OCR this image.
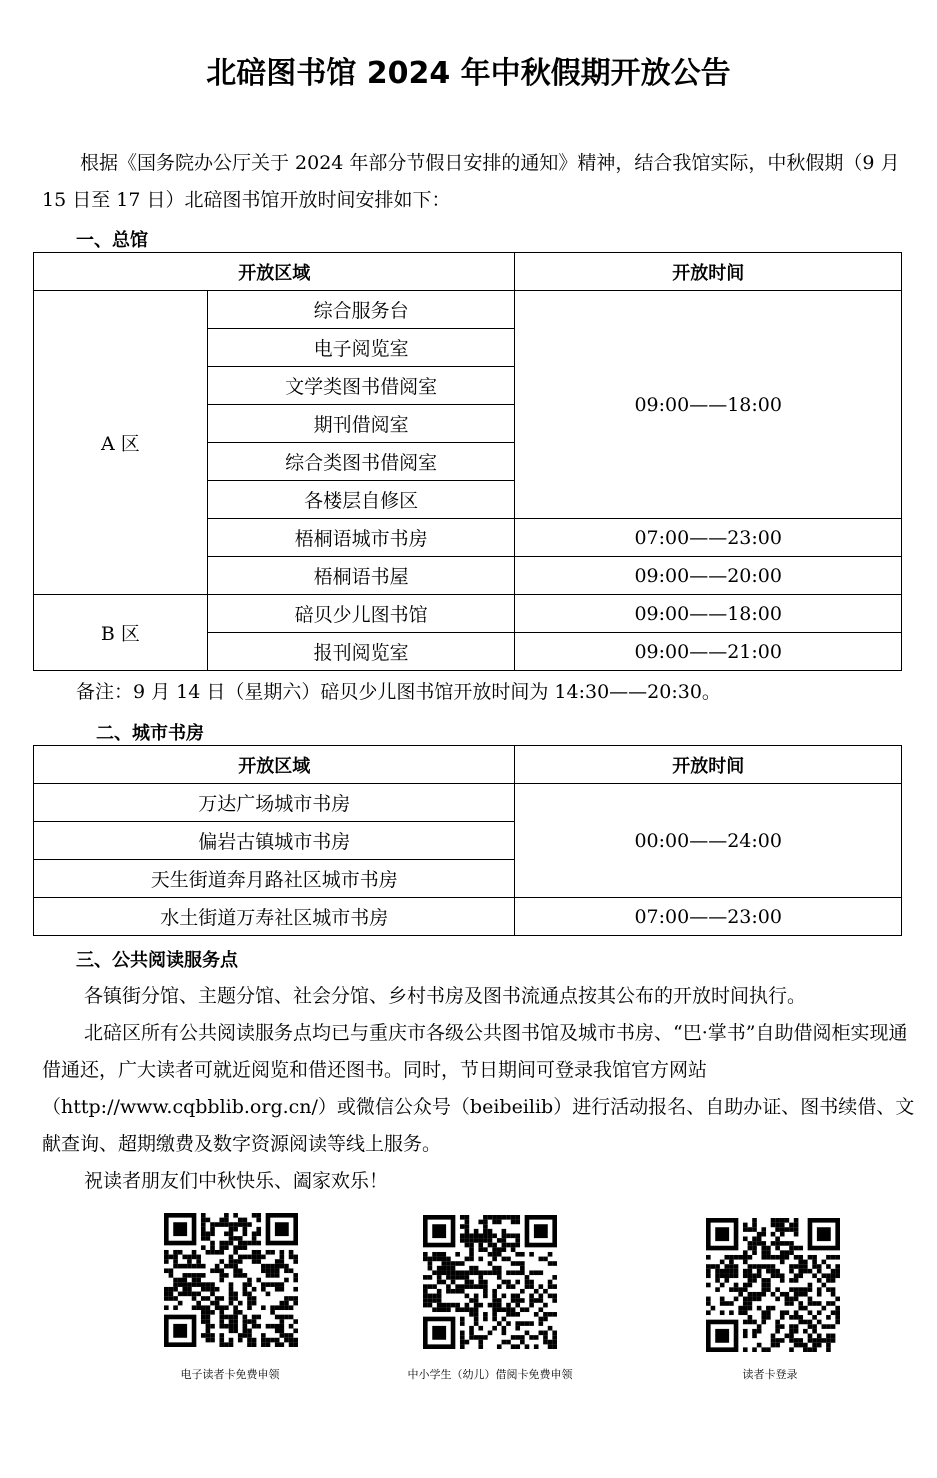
北碚图书馆 2024 年中秋假期开放公告

根据《国务院办公厅关于 2024 年部分节假日安排的通知》精神，结合我馆实际，中秋假期（9 月 15 日至 17 日）北碚图书馆开放时间安排如下：

一、总馆
开放区域		开放时间
A 区	综合服务台	09:00——18:00
	电子阅览室	
	文学类图书借阅室	
	期刊借阅室	
	综合类图书借阅室	
	各楼层自修区	
	梧桐语城市书房	07:00——23:00
	梧桐语书屋	09:00——20:00
B 区	碚贝少儿图书馆	09:00——18:00
	报刊阅览室	09:00——21:00
备注：9 月 14 日（星期六）碚贝少儿图书馆开放时间为 14:30——20:30。
二、城市书房
开放区域	开放时间
万达广场城市书房	00:00——24:00
偏岩古镇城市书房	
天生街道奔月路社区城市书房	
水土街道万寿社区城市书房	07:00——23:00
三、公共阅读服务点

各镇街分馆、主题分馆、社会分馆、乡村书房及图书流通点按其公布的开放时间执行。

北碚区所有公共阅读服务点均已与重庆市各级公共图书馆及城市书房、“巴·掌书”自助借阅柜实现通借通还，广大读者可就近阅览和借还图书。同时，节日期间可登录我馆官方网站（http://www.cqbblib.org.cn/）或微信公众号（beibeilib）进行活动报名、自助办证、图书续借、文献查询、超期缴费及数字资源阅读等线上服务。

祝读者朋友们中秋快乐、阖家欢乐！

电子读者卡免费申领	中小学生（幼儿）借阅卡免费申领	读者卡登录
